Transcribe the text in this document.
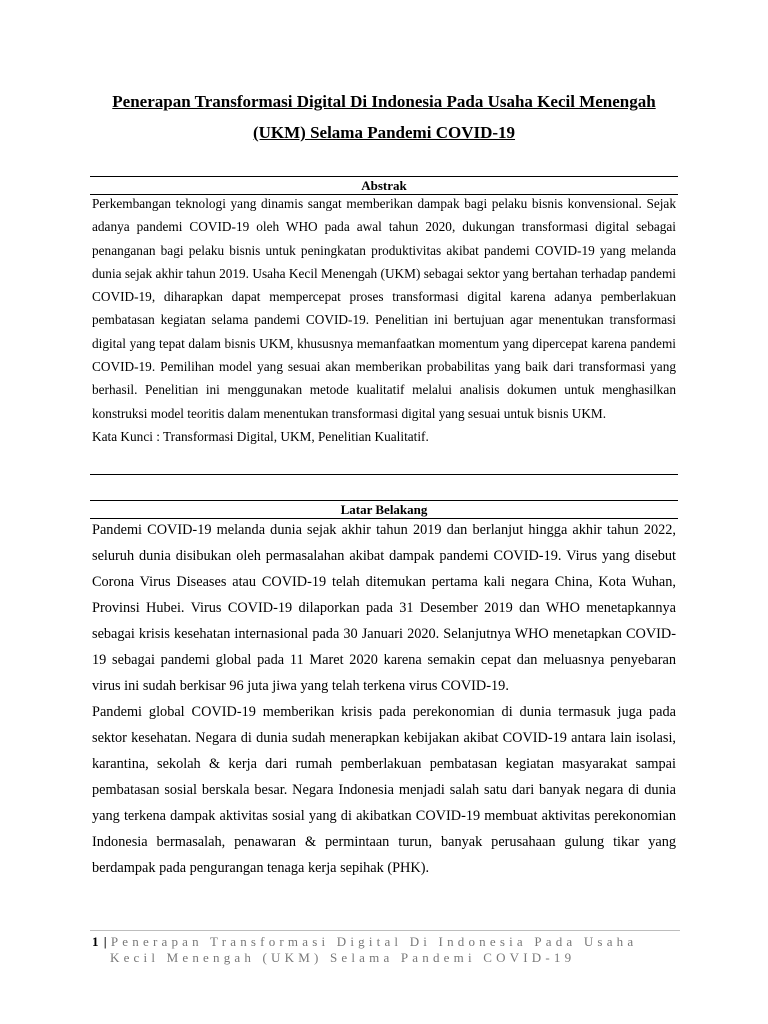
Penerapan Transformasi Digital Di Indonesia Pada Usaha Kecil Menengah
(UKM) Selama Pandemi COVID-19
Abstrak

Perkembangan teknologi yang dinamis sangat memberikan dampak bagi pelaku bisnis konvensional. Sejak adanya pandemi COVID-19 oleh WHO pada awal tahun 2020, dukungan transformasi digital sebagai penanganan bagi pelaku bisnis untuk peningkatan produktivitas akibat pandemi COVID-19 yang melanda dunia sejak akhir tahun 2019. Usaha Kecil Menengah (UKM) sebagai sektor yang bertahan terhadap pandemi COVID-19, diharapkan dapat mempercepat proses transformasi digital karena adanya pemberlakuan pembatasan kegiatan selama pandemi COVID-19. Penelitian ini bertujuan agar menentukan transformasi digital yang tepat dalam bisnis UKM, khususnya memanfaatkan momentum yang dipercepat karena pandemi COVID-19. Pemilihan model yang sesuai akan memberikan probabilitas yang baik dari transformasi yang berhasil. Penelitian ini menggunakan metode kualitatif melalui analisis dokumen untuk menghasilkan konstruksi model teoritis dalam menentukan transformasi digital yang sesuai untuk bisnis UKM.

Kata Kunci : Transformasi Digital, UKM, Penelitian Kualitatif.

Latar Belakang

Pandemi COVID-19 melanda dunia sejak akhir tahun 2019 dan berlanjut hingga akhir tahun 2022, seluruh dunia disibukan oleh permasalahan akibat dampak pandemi COVID-19. Virus yang disebut Corona Virus Diseases atau COVID-19 telah ditemukan pertama kali negara China, Kota Wuhan, Provinsi Hubei. Virus COVID-19 dilaporkan pada 31 Desember 2019 dan WHO menetapkannya sebagai krisis kesehatan internasional pada 30 Januari 2020. Selanjutnya WHO menetapkan COVID-19 sebagai pandemi global pada 11 Maret 2020 karena semakin cepat dan meluasnya penyebaran virus ini sudah berkisar 96 juta jiwa yang telah terkena virus COVID-19.

Pandemi global COVID-19 memberikan krisis pada perekonomian di dunia termasuk juga pada sektor kesehatan. Negara di dunia sudah menerapkan kebijakan akibat COVID-19 antara lain isolasi, karantina, sekolah & kerja dari rumah pemberlakuan pembatasan kegiatan masyarakat sampai pembatasan sosial berskala besar. Negara Indonesia menjadi salah satu dari banyak negara di dunia yang terkena dampak aktivitas sosial yang di akibatkan COVID-19 membuat aktivitas perekonomian Indonesia bermasalah, penawaran & permintaan turun, banyak perusahaan gulung tikar yang berdampak pada pengurangan tenaga kerja sepihak (PHK).

1 | Penerapan Transformasi Digital Di Indonesia Pada Usaha
Kecil Menengah (UKM) Selama Pandemi COVID-19
